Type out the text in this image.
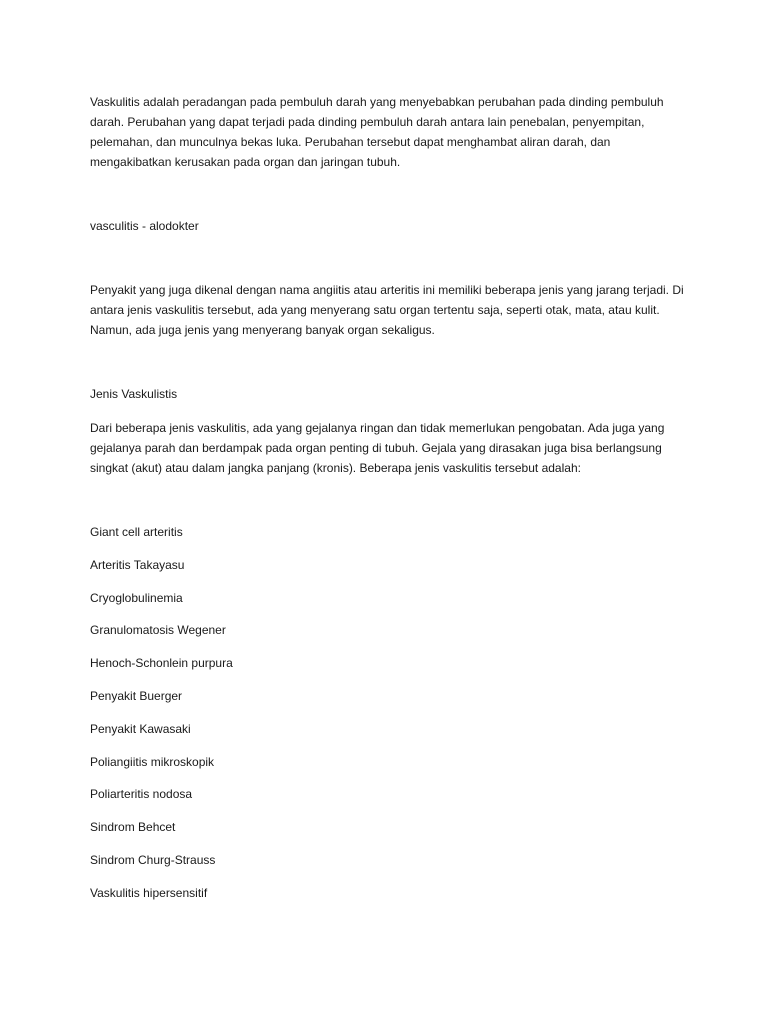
Vaskulitis adalah peradangan pada pembuluh darah yang menyebabkan perubahan pada dinding pembuluh darah. Perubahan yang dapat terjadi pada dinding pembuluh darah antara lain penebalan, penyempitan, pelemahan, dan munculnya bekas luka. Perubahan tersebut dapat menghambat aliran darah, dan mengakibatkan kerusakan pada organ dan jaringan tubuh.

vasculitis - alodokter

Penyakit yang juga dikenal dengan nama angiitis atau arteritis ini memiliki beberapa jenis yang jarang terjadi. Di antara jenis vaskulitis tersebut, ada yang menyerang satu organ tertentu saja, seperti otak, mata, atau kulit. Namun, ada juga jenis yang menyerang banyak organ sekaligus.

Jenis Vaskulistis

Dari beberapa jenis vaskulitis, ada yang gejalanya ringan dan tidak memerlukan pengobatan. Ada juga yang gejalanya parah dan berdampak pada organ penting di tubuh. Gejala yang dirasakan juga bisa berlangsung singkat (akut) atau dalam jangka panjang (kronis). Beberapa jenis vaskulitis tersebut adalah:

Giant cell arteritis
Arteritis Takayasu
Cryoglobulinemia
Granulomatosis Wegener
Henoch-Schonlein purpura
Penyakit Buerger
Penyakit Kawasaki
Poliangiitis mikroskopik
Poliarteritis nodosa
Sindrom Behcet
Sindrom Churg-Strauss
Vaskulitis hipersensitif
